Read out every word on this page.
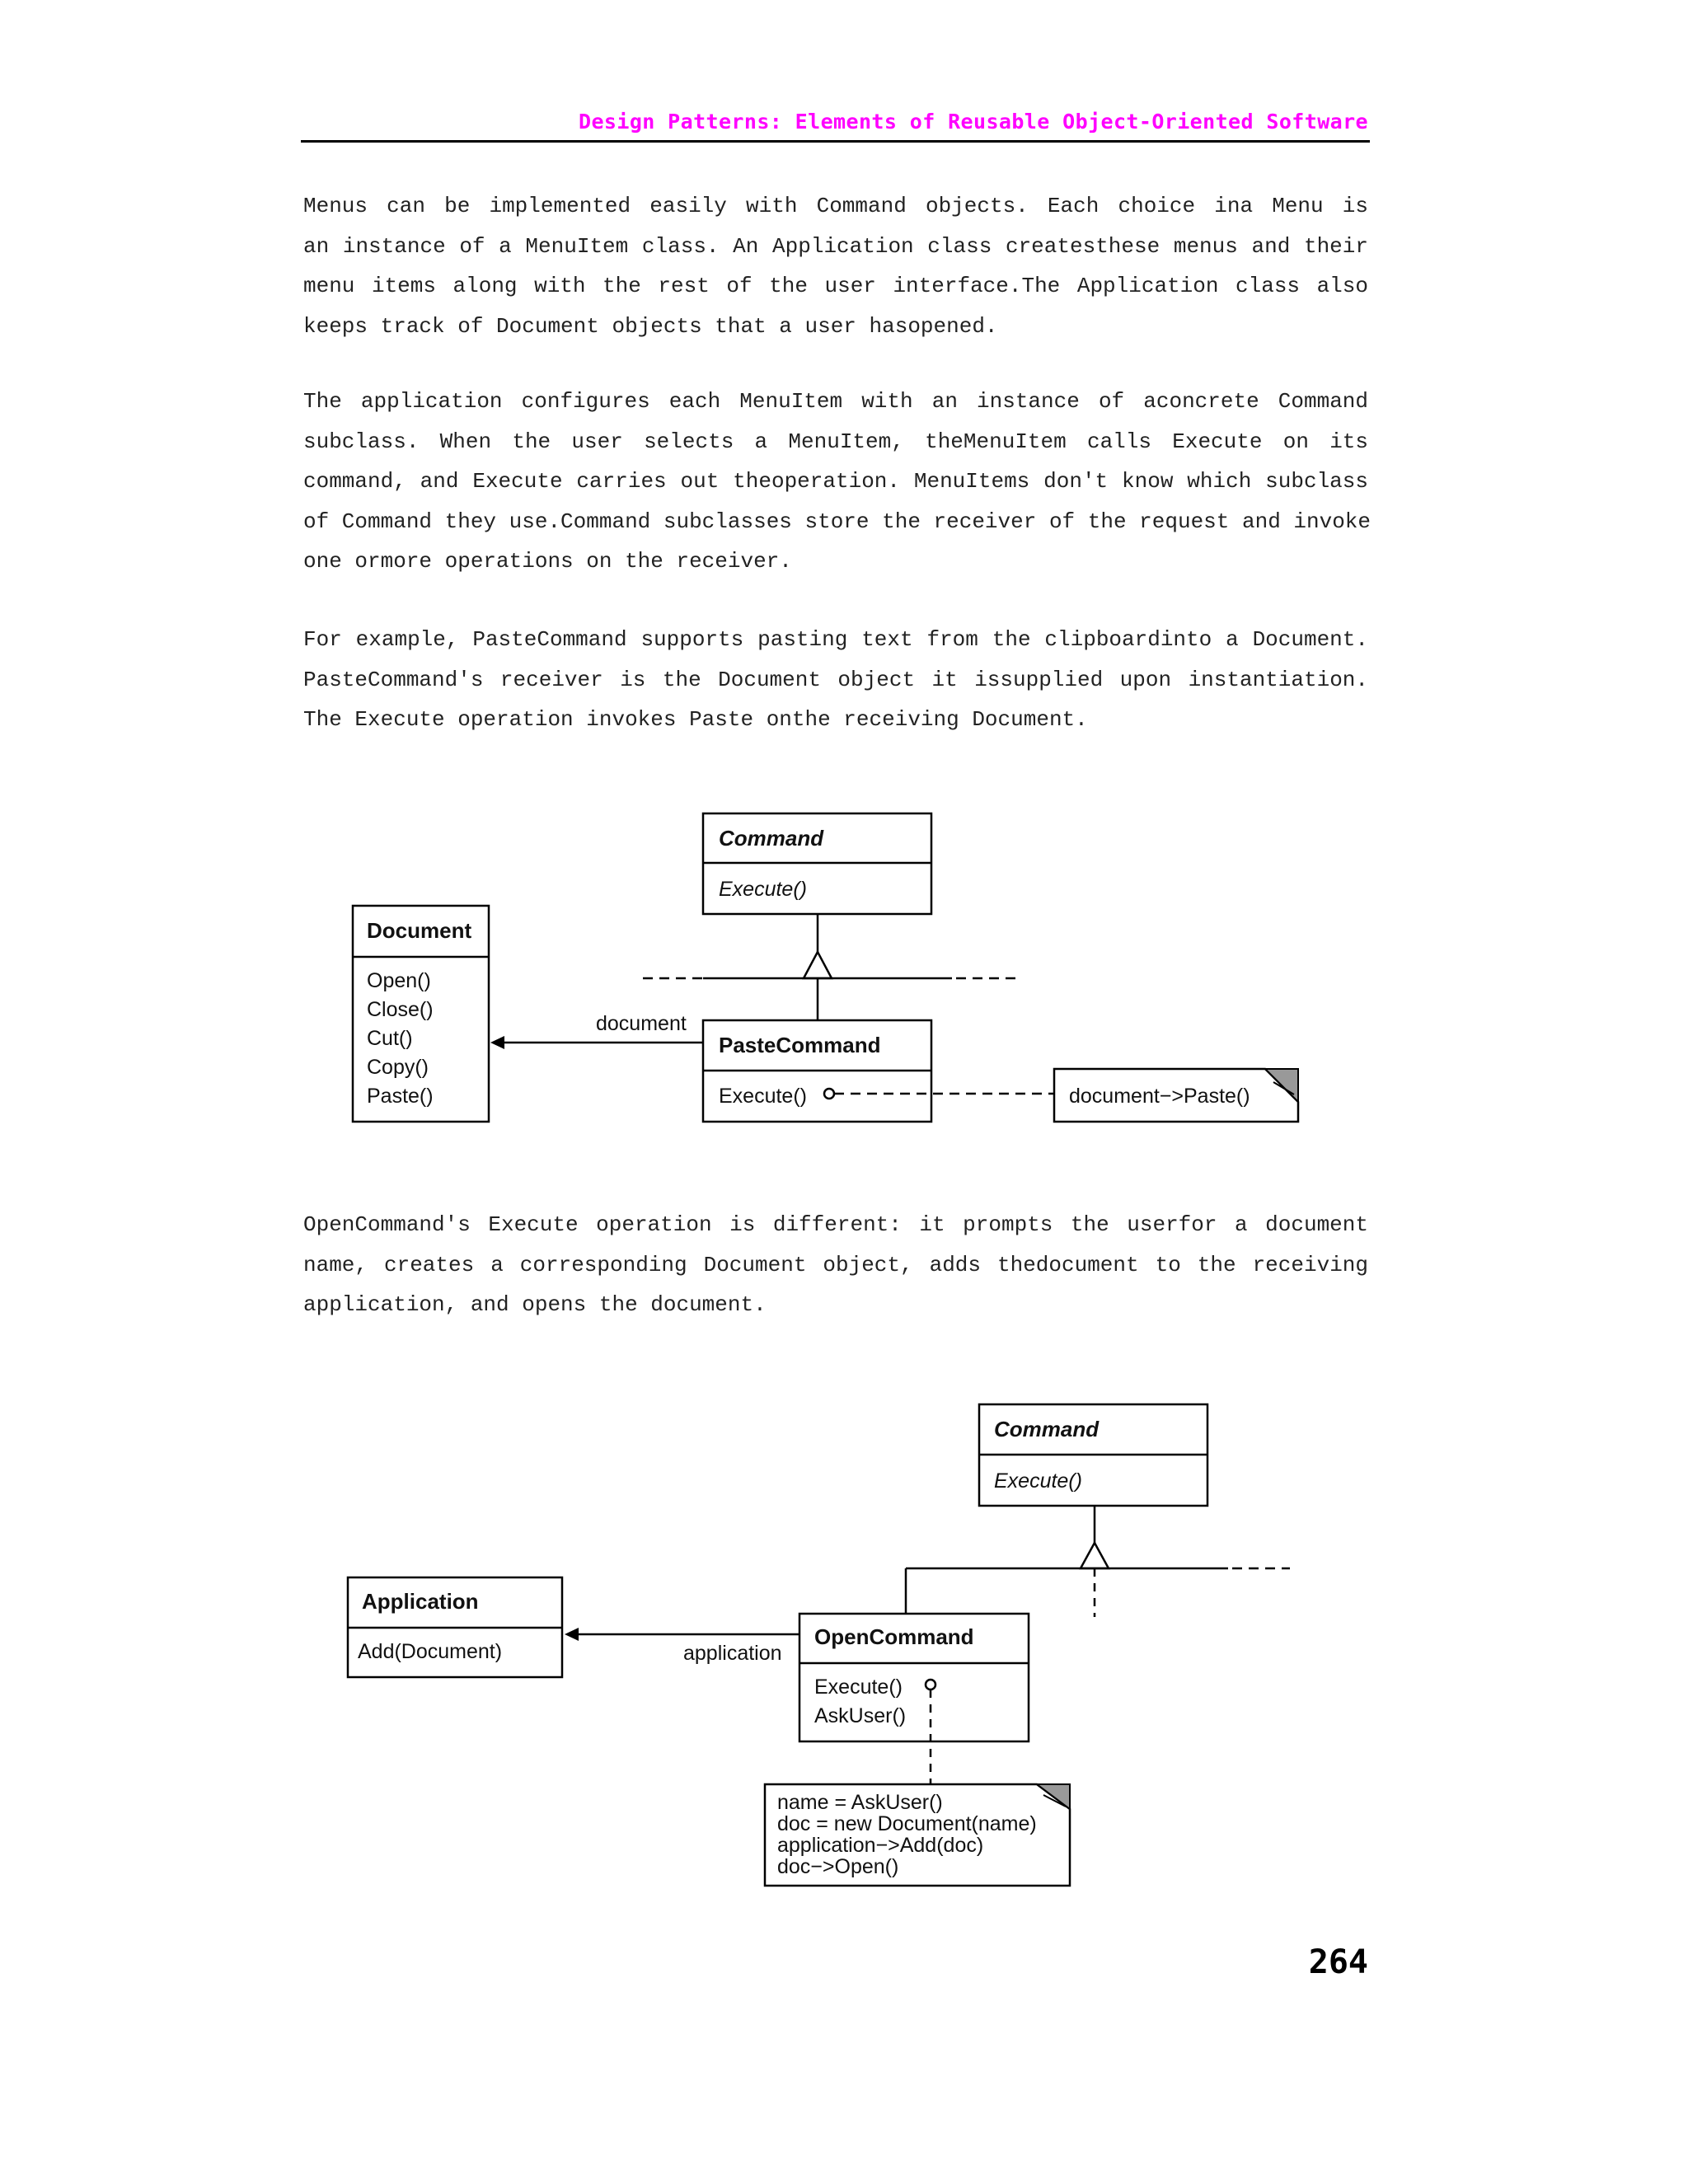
Design Patterns: Elements of Reusable Object-Oriented Software
Menus can be implemented easily with Command objects. Each choice ina Menu is
an instance of a MenuItem class. An Application class createsthese menus and their
menu items along with the rest of the user interface.The Application class also
keeps track of Document objects that a user hasopened.
The application configures each MenuItem with an instance of aconcrete Command
subclass. When the user selects a MenuItem, theMenuItem calls Execute on its
command, and Execute carries out theoperation. MenuItems don't know which subclass
of Command they use.Command subclasses store the receiver of the request and invoke
one ormore operations on the receiver.
For example, PasteCommand supports pasting text from the clipboardinto a Document.
PasteCommand's receiver is the Document object it issupplied upon instantiation.
The Execute operation invokes Paste onthe receiving Document.
Command
Execute()
Document
Open()
Close()
Cut()
Copy()
Paste()
document
PasteCommand
Execute()	document−>Paste()
OpenCommand's Execute operation is different: it prompts the userfor a document
name, creates a corresponding Document object, adds thedocument to the receiving
application, and opens the document.
Command
Execute()
Application
Add(Document)	application
OpenCommand
Execute()
AskUser()
name = AskUser()
doc = new Document(name)
application−>Add(doc)
doc−>Open()
264
